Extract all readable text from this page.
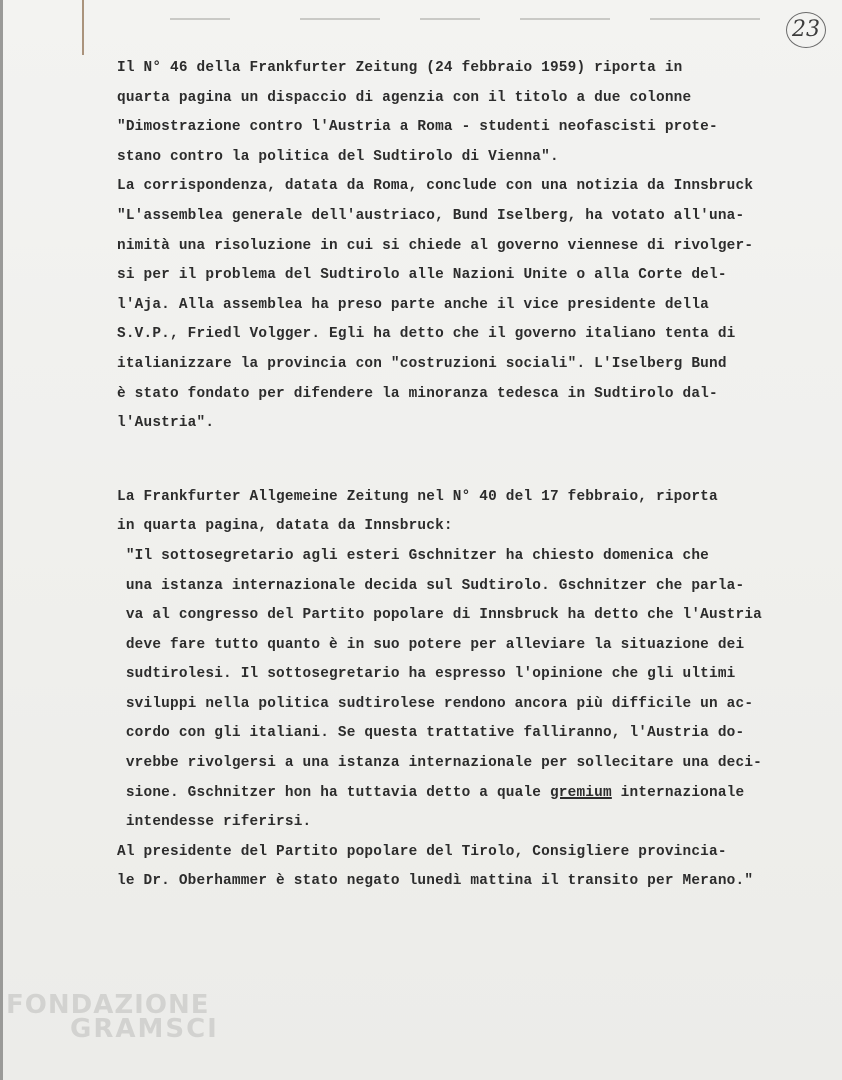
23
Il N° 46 della Frankfurter Zeitung (24 febbraio 1959) riporta in
quarta pagina un dispaccio di agenzia con il titolo a due colonne
"Dimostrazione contro l'Austria a Roma - studenti neofascisti prote-
stano contro la politica del Sudtirolo di Vienna".
La corrispondenza, datata da Roma, conclude con una notizia da Innsbruck
"L'assemblea generale dell'austriaco, Bund Iselberg, ha votato all'una-
nimità una risoluzione in cui si chiede al governo viennese di rivolger-
si per il problema del Sudtirolo alle Nazioni Unite o alla Corte del-
l'Aja. Alla assemblea ha preso parte anche il vice presidente della
S.V.P., Friedl Volgger. Egli ha detto che il governo italiano tenta di
italianizzare la provincia con "costruzioni sociali". L'Iselberg Bund
è stato fondato per difendere la minoranza tedesca in Sudtirolo dal-
l'Austria".
La Frankfurter Allgemeine Zeitung nel N° 40 del 17 febbraio, riporta
in quarta pagina, datata da Innsbruck:
"Il sottosegretario agli esteri Gschnitzer ha chiesto domenica che
una istanza internazionale decida sul Sudtirolo. Gschnitzer che parla-
va al congresso del Partito popolare di Innsbruck ha detto che l'Austria
deve fare tutto quanto è in suo potere per alleviare la situazione dei
sudtirolesi. Il sottosegretario ha espresso l'opinione che gli ultimi
sviluppi nella politica sudtirolese rendono ancora più difficile un ac-
cordo con gli italiani. Se questa trattative falliranno, l'Austria do-
vrebbe rivolgersi a una istanza internazionale per sollecitare una deci-
sione. Gschnitzer hon ha tuttavia detto a quale gremium internazionale
intendesse riferirsi.
Al presidente del Partito popolare del Tirolo, Consigliere provincia-
le Dr. Oberhammer è stato negato lunedì mattina il transito per Merano."
FONDAZIONE
GRAMSCI
